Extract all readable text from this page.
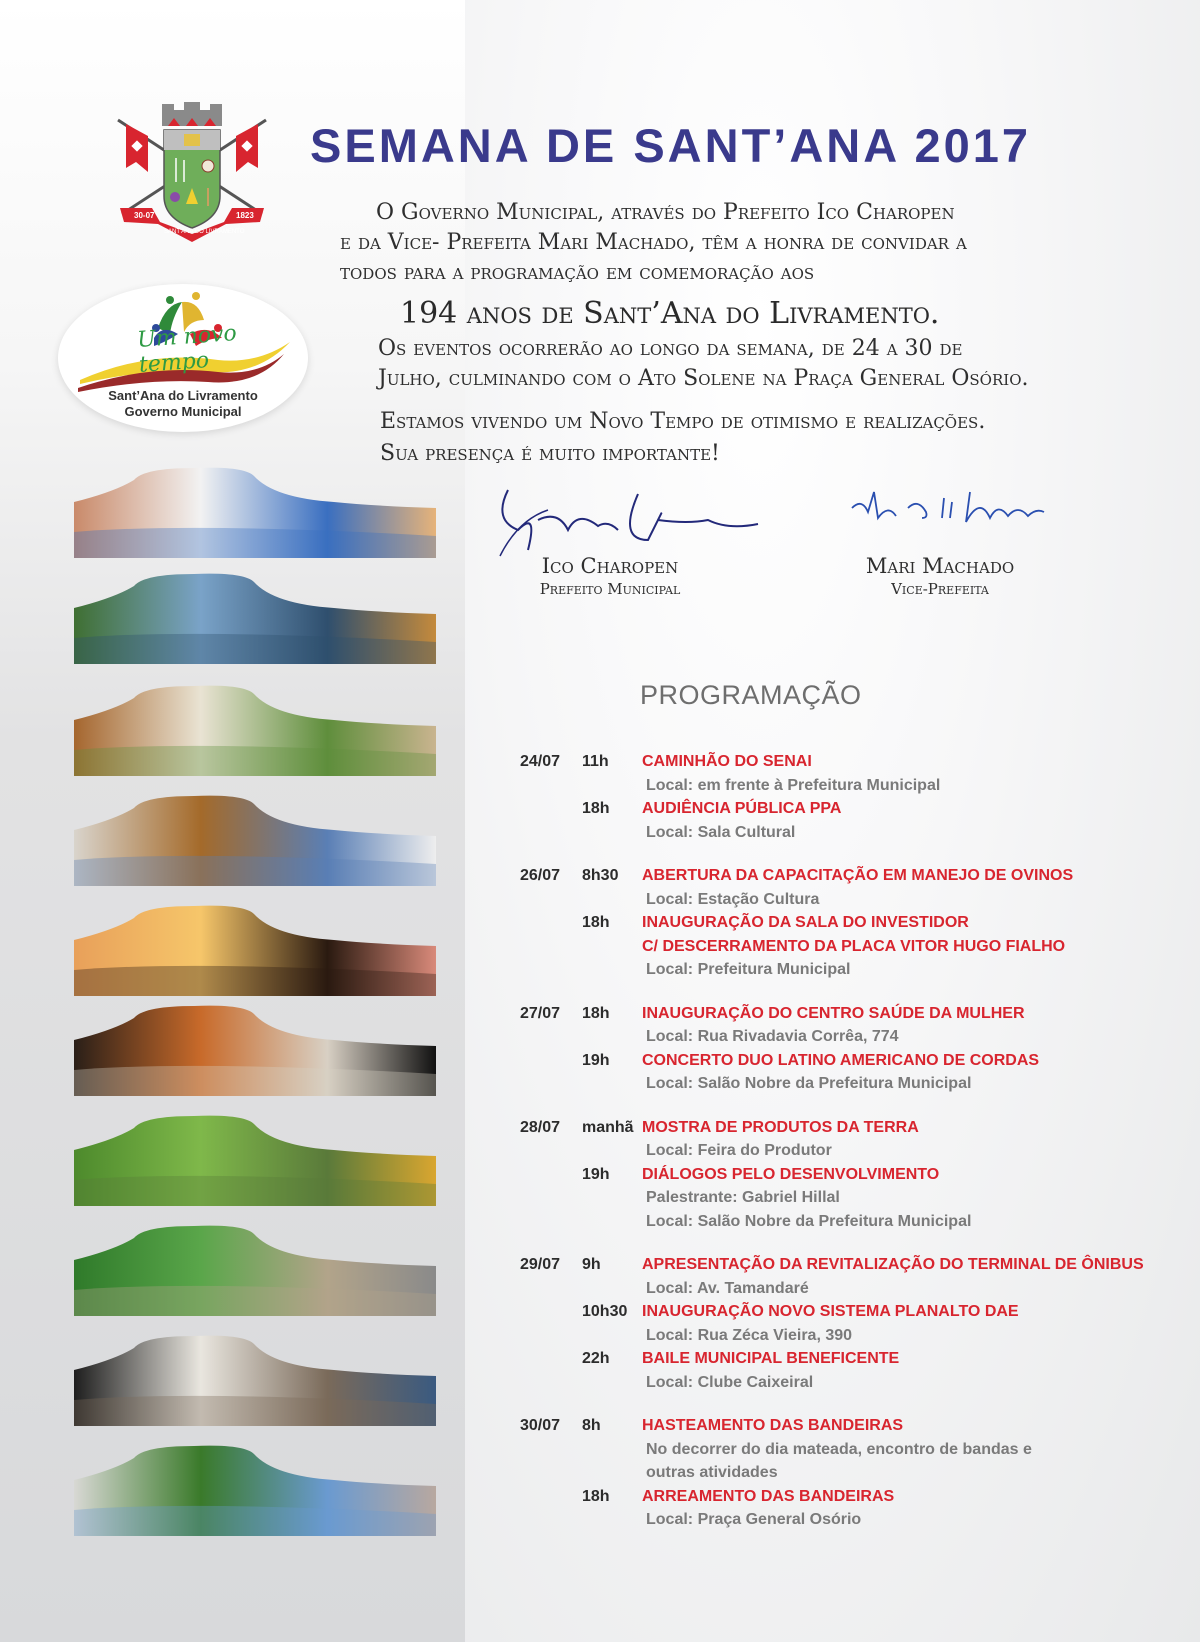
30-07	1823
SANT'ANA DO LIVRAMENTO
SEMANA DE SANT’ANA 2017

O Governo Municipal, através do Prefeito Ico Charopen

e da Vice- Prefeita Mari Machado, têm a honra de convidar a

todos para a programação em comemoração aos

194 anos de Sant’Ana do Livramento.

Os eventos ocorrerão ao longo da semana, de 24 a 30 de

Julho, culminando com o Ato Solene na Praça General Osório.

Estamos vivendo um Novo Tempo de otimismo e realizações.

Sua presença é muito importante!

Um novo tempo
Sant’Ana do Livramento
Governo Municipal
Ico Charopen
Prefeito Municipal
Mari Machado
Vice-Prefeita
PROGRAMAÇÃO
24/07	11h	CAMINHÃO DO SENAI
Local: em frente à Prefeitura Municipal
18h	AUDIÊNCIA PÚBLICA PPA
Local: Sala Cultural
26/07	8h30	ABERTURA DA CAPACITAÇÃO EM MANEJO DE OVINOS
Local: Estação Cultura
18h	INAUGURAÇÃO DA SALA DO INVESTIDOR
C/ DESCERRAMENTO DA PLACA VITOR HUGO FIALHO
Local: Prefeitura Municipal
27/07	18h	INAUGURAÇÃO DO CENTRO SAÚDE DA MULHER
Local: Rua Rivadavia Corrêa, 774
19h	CONCERTO DUO LATINO AMERICANO DE CORDAS
Local: Salão Nobre da Prefeitura Municipal
28/07	manhã MOSTRA DE PRODUTOS DA TERRA
Local: Feira do Produtor
19h	DIÁLOGOS PELO DESENVOLVIMENTO
Palestrante: Gabriel Hillal
Local: Salão Nobre da Prefeitura Municipal
29/07	9h	APRESENTAÇÃO DA REVITALIZAÇÃO DO TERMINAL DE ÔNIBUS
Local: Av. Tamandaré
10h30 INAUGURAÇÃO NOVO SISTEMA PLANALTO DAE
Local: Rua Zéca Vieira, 390
22h	BAILE MUNICIPAL BENEFICENTE
Local: Clube Caixeiral
30/07	8h	HASTEAMENTO DAS BANDEIRAS
No decorrer do dia mateada, encontro de bandas e
outras atividades
18h	ARREAMENTO DAS BANDEIRAS
Local: Praça General Osório
